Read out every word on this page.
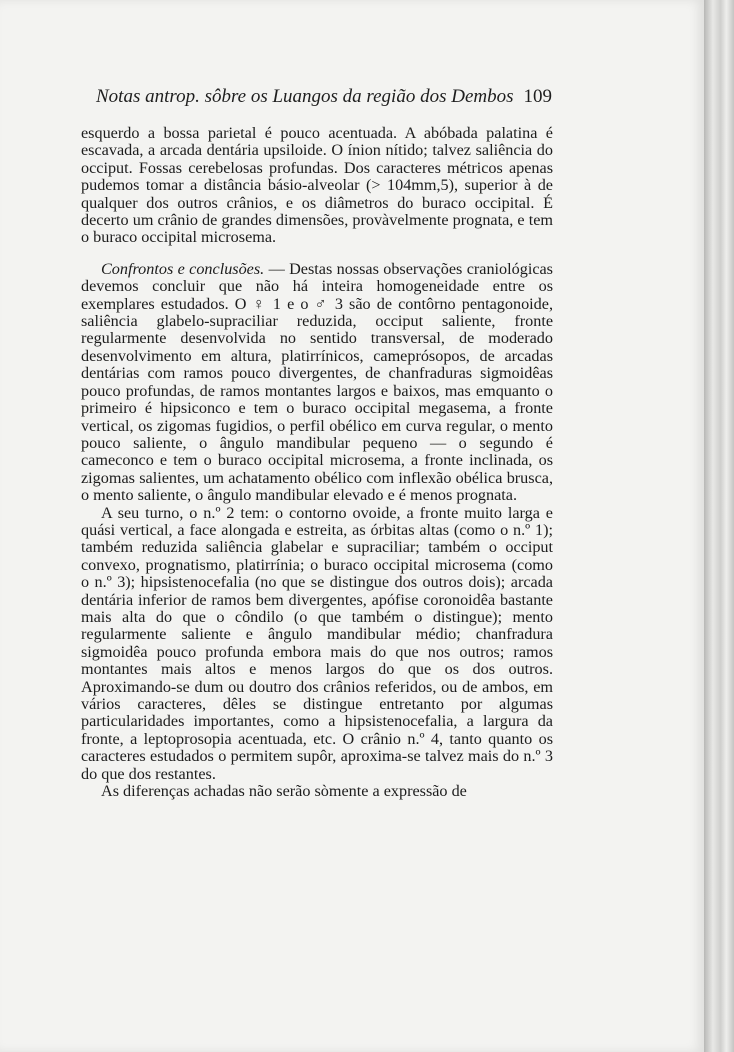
Notas antrop. sôbre os Luangos da região dos Dembos 109

esquerdo a bossa parietal é pouco acentuada. A abóbada palatina é escavada, a arcada dentária upsiloide. O ínion nítido; talvez saliência do occiput. Fossas cerebelosas profundas. Dos caracteres métricos apenas pudemos tomar a distância básio-alveolar (> 104mm,5), superior à de qualquer dos outros crânios, e os diâmetros do buraco occipital. É decerto um crânio de grandes dimensões, provàvelmente prognata, e tem o buraco occipital microsema.

Confrontos e conclusões. — Destas nossas observações craniológicas devemos concluir que não há inteira homogeneidade entre os exemplares estudados. O ♀ 1 e o ♂ 3 são de contôrno pentagonoide, saliência glabelo-supraciliar reduzida, occiput saliente, fronte regularmente desenvolvida no sentido transversal, de moderado desenvolvimento em altura, platirrínicos, cameprósopos, de arcadas dentárias com ramos pouco divergentes, de chanfraduras sigmoidêas pouco profundas, de ramos montantes largos e baixos, mas emquanto o primeiro é hipsiconco e tem o buraco occipital megasema, a fronte vertical, os zigomas fugidios, o perfil obélico em curva regular, o mento pouco saliente, o ângulo mandibular pequeno — o segundo é cameconco e tem o buraco occipital microsema, a fronte inclinada, os zigomas salientes, um achatamento obélico com inflexão obélica brusca, o mento saliente, o ângulo mandibular elevado e é menos prognata.

A seu turno, o n.º 2 tem: o contorno ovoide, a fronte muito larga e quási vertical, a face alongada e estreita, as órbitas altas (como o n.º 1); também reduzida saliência glabelar e supraciliar; também o occiput convexo, prognatismo, platirrínia; o buraco occipital microsema (como o n.º 3); hipsistenocefalia (no que se distingue dos outros dois); arcada dentária inferior de ramos bem divergentes, apófise coronoidêa bastante mais alta do que o côndilo (o que também o distingue); mento regularmente saliente e ângulo mandibular médio; chanfradura sigmoidêa pouco profunda embora mais do que nos outros; ramos montantes mais altos e menos largos do que os dos outros. Aproximando-se dum ou doutro dos crânios referidos, ou de ambos, em vários caracteres, dêles se distingue entretanto por algumas particularidades importantes, como a hipsistenocefalia, a largura da fronte, a leptoprosopia acentuada, etc. O crânio n.º 4, tanto quanto os caracteres estudados o permitem supôr, aproxima-se talvez mais do n.º 3 do que dos restantes.

As diferenças achadas não serão sòmente a expressão de
